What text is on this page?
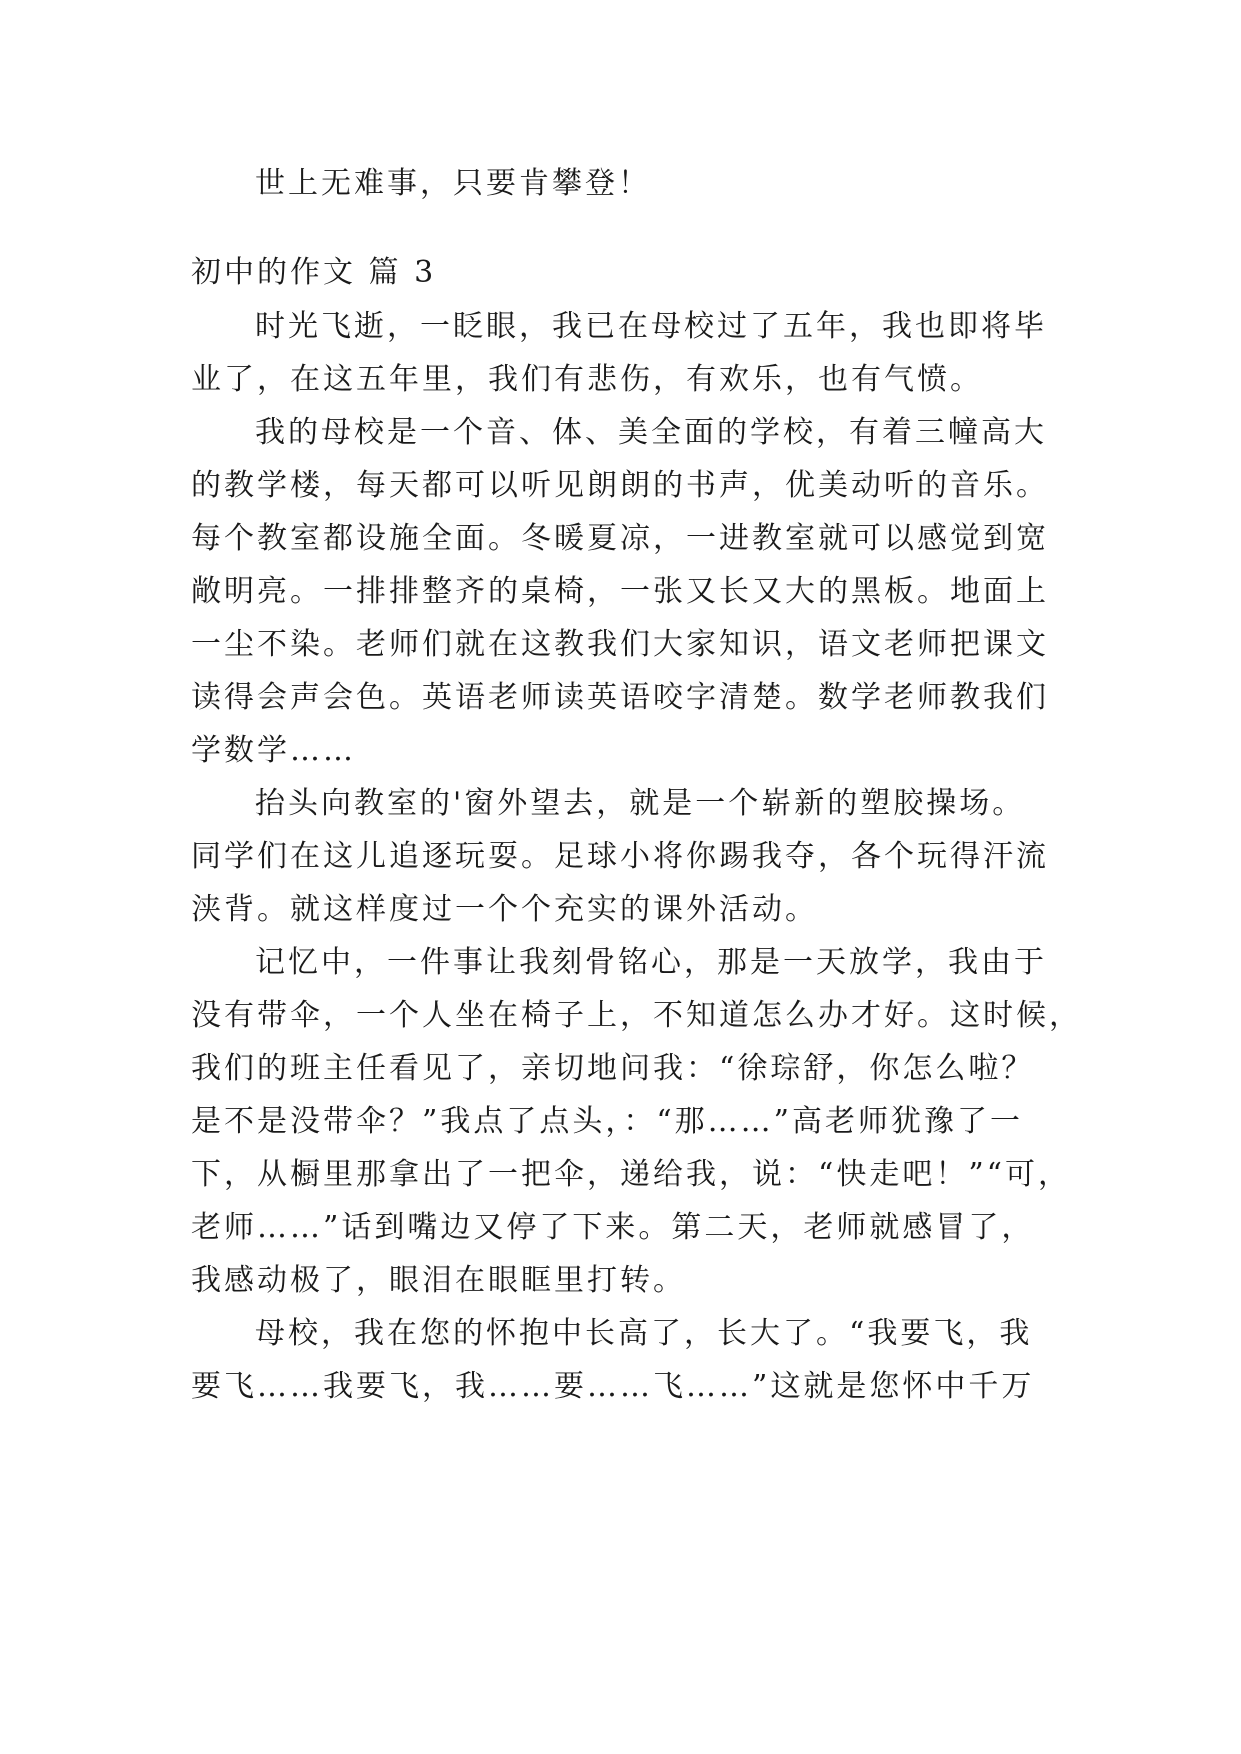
世上无难事，只要肯攀登！
初中的作文 篇 3
时光飞逝，一眨眼，我已在母校过了五年，我也即将毕
业了，在这五年里，我们有悲伤，有欢乐，也有气愤。
我的母校是一个音、体、美全面的学校，有着三幢高大
的教学楼，每天都可以听见朗朗的书声，优美动听的音乐。
每个教室都设施全面。冬暖夏凉，一进教室就可以感觉到宽
敞明亮。一排排整齐的桌椅，一张又长又大的黑板。地面上
一尘不染。老师们就在这教我们大家知识，语文老师把课文
读得会声会色。英语老师读英语咬字清楚。数学老师教我们
学数学……
抬头向教室的'窗外望去，就是一个崭新的塑胶操场。
同学们在这儿追逐玩耍。足球小将你踢我夺，各个玩得汗流
浃背。就这样度过一个个充实的课外活动。
记忆中，一件事让我刻骨铭心，那是一天放学，我由于
没有带伞，一个人坐在椅子上，不知道怎么办才好。这时候，
我们的班主任看见了，亲切地问我：“徐琮舒，你怎么啦？
是不是没带伞？”我点了点头，：“那……”高老师犹豫了一
下，从橱里那拿出了一把伞，递给我，说：“快走吧！”“可，
老师……”话到嘴边又停了下来。第二天，老师就感冒了，
我感动极了，眼泪在眼眶里打转。
母校，我在您的怀抱中长高了，长大了。“我要飞，我
要飞……我要飞，我……要……飞……”这就是您怀中千万
